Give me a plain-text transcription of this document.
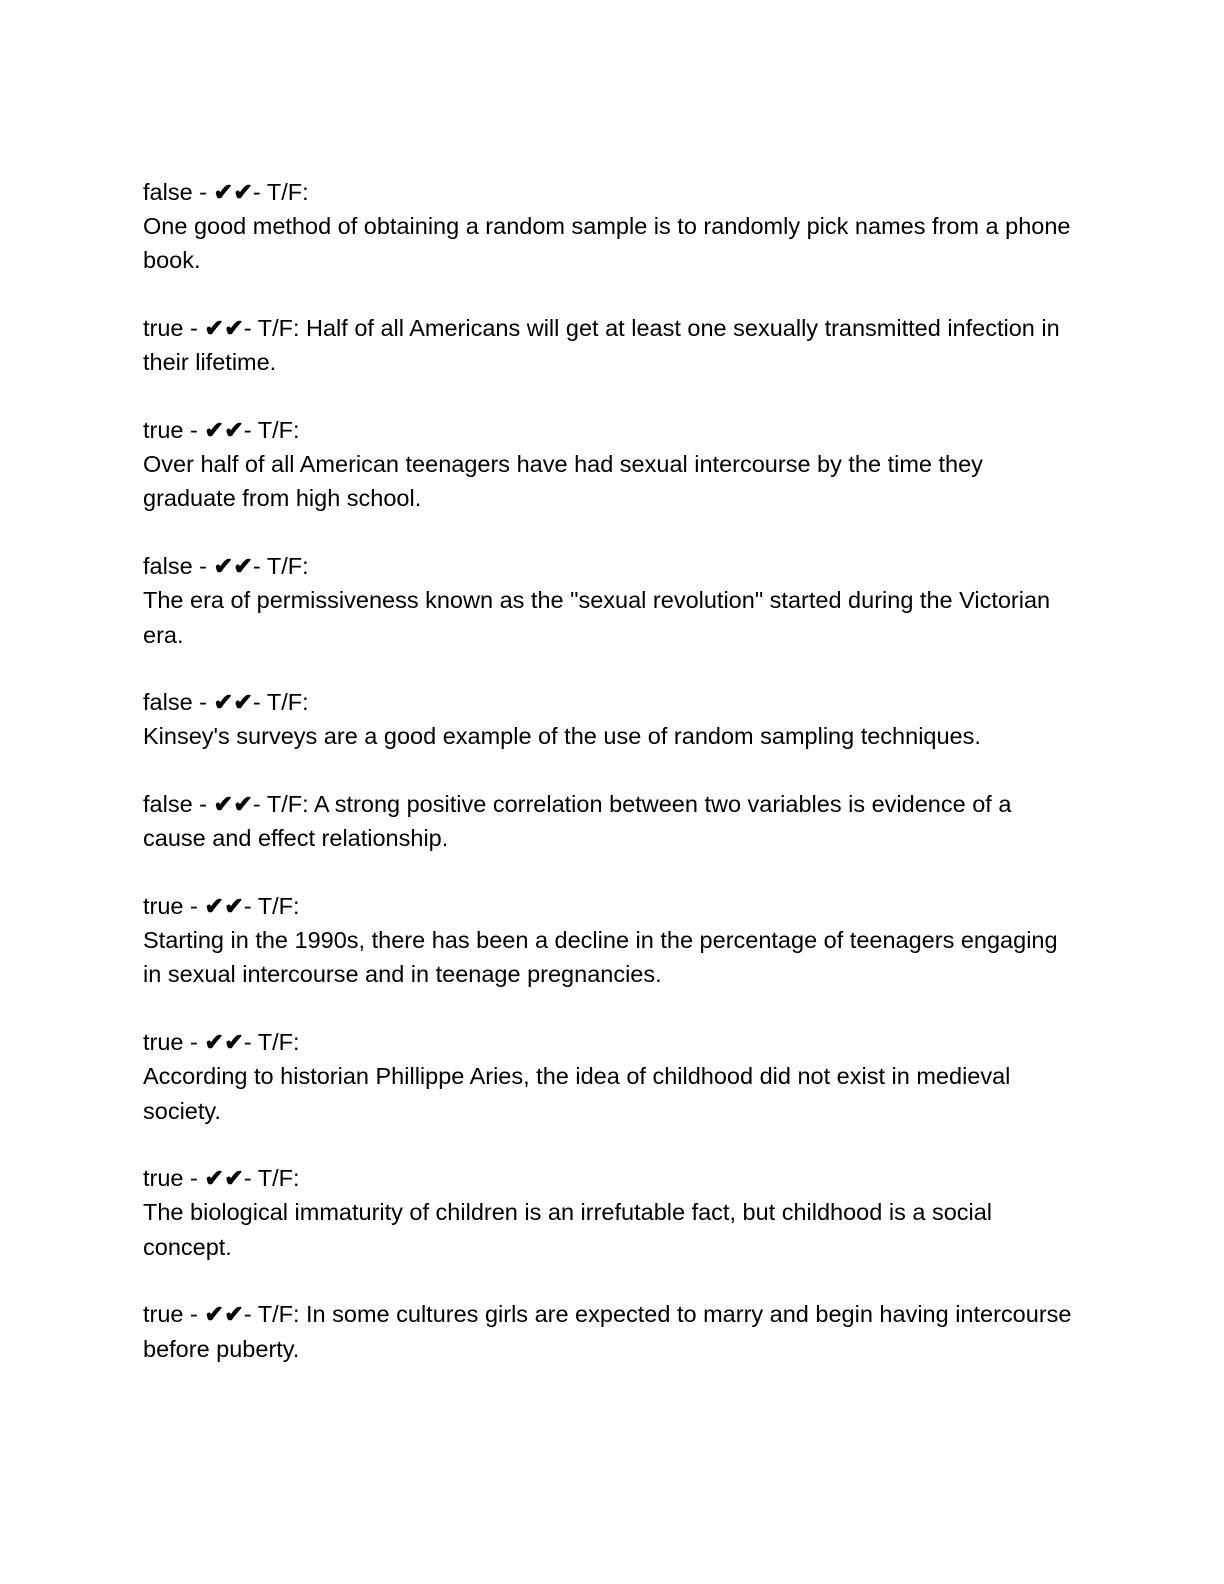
false - ✔✔- T/F:
One good method of obtaining a random sample is to randomly pick names from a phone book.
true - ✔✔- T/F: Half of all Americans will get at least one sexually transmitted infection in their lifetime.
true - ✔✔- T/F:
Over half of all American teenagers have had sexual intercourse by the time they graduate from high school.
false - ✔✔- T/F:
The era of permissiveness known as the "sexual revolution" started during the Victorian era.
false - ✔✔- T/F:
Kinsey's surveys are a good example of the use of random sampling techniques.
false - ✔✔- T/F: A strong positive correlation between two variables is evidence of a cause and effect relationship.
true - ✔✔- T/F:
Starting in the 1990s, there has been a decline in the percentage of teenagers engaging in sexual intercourse and in teenage pregnancies.
true - ✔✔- T/F:
According to historian Phillippe Aries, the idea of childhood did not exist in medieval society.
true - ✔✔- T/F:
The biological immaturity of children is an irrefutable fact, but childhood is a social concept.
true - ✔✔- T/F: In some cultures girls are expected to marry and begin having intercourse before puberty.
